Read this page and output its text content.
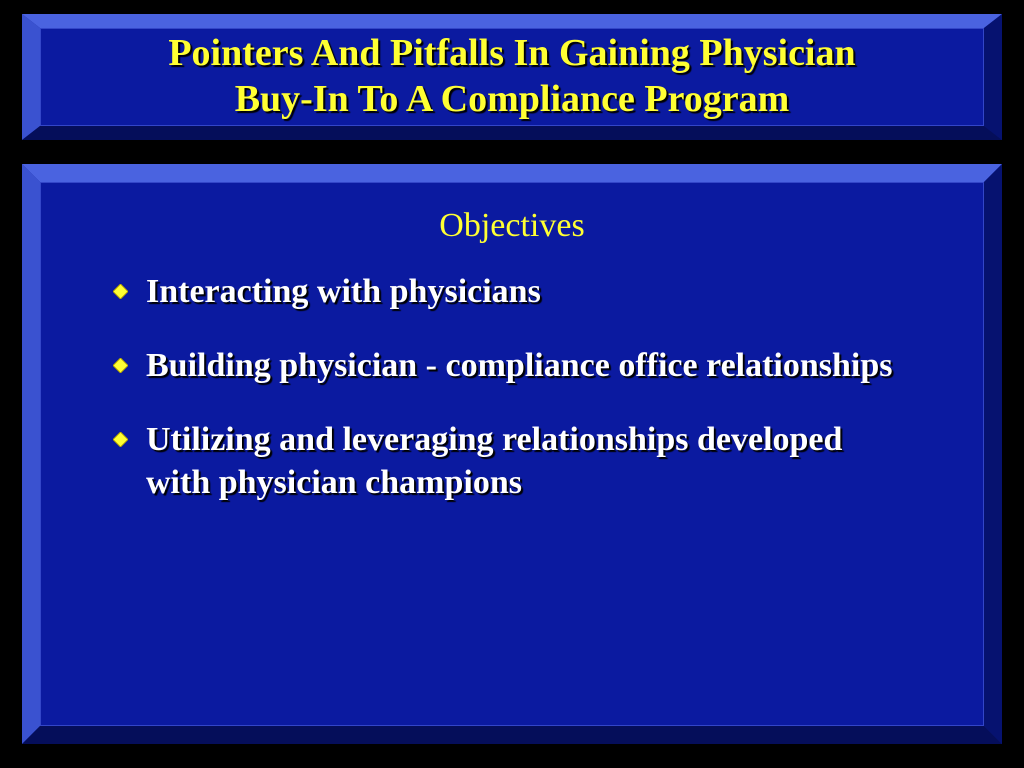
Pointers And Pitfalls In Gaining Physician
Buy-In To A Compliance Program
Objectives
Interacting with physicians
Building physician - compliance office relationships
Utilizing and leveraging relationships developed with physician champions
